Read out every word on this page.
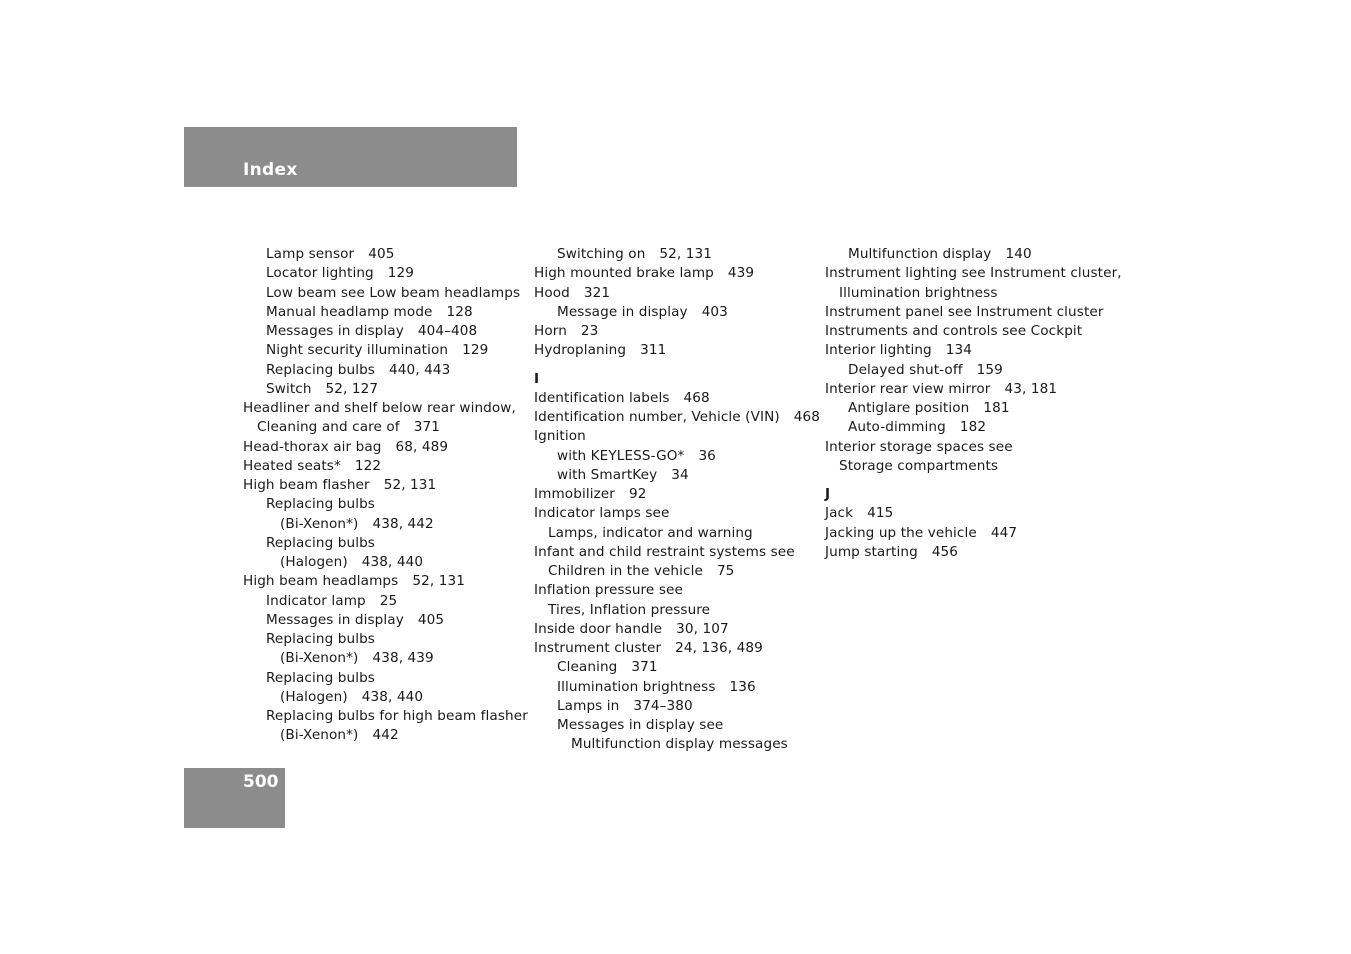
Index
Lamp sensor 405
Locator lighting 129
Low beam see Low beam headlamps
Manual headlamp mode 128
Messages in display 404–408
Night security illumination 129
Replacing bulbs 440, 443
Switch 52, 127
Headliner and shelf below rear window,
Cleaning and care of 371
Head-thorax air bag 68, 489
Heated seats* 122
High beam flasher 52, 131
Replacing bulbs
(Bi-Xenon*) 438, 442
Replacing bulbs
(Halogen) 438, 440
High beam headlamps 52, 131
Indicator lamp 25
Messages in display 405
Replacing bulbs
(Bi-Xenon*) 438, 439
Replacing bulbs
(Halogen) 438, 440
Replacing bulbs for high beam flasher
(Bi-Xenon*) 442
Switching on 52, 131
High mounted brake lamp 439
Hood 321
Message in display 403
Horn 23
Hydroplaning 311
I
Identification labels 468
Identification number, Vehicle (VIN) 468
Ignition
with KEYLESS-GO* 36
with SmartKey 34
Immobilizer 92
Indicator lamps see
Lamps, indicator and warning
Infant and child restraint systems see
Children in the vehicle 75
Inflation pressure see
Tires, Inflation pressure
Inside door handle 30, 107
Instrument cluster 24, 136, 489
Cleaning 371
Illumination brightness 136
Lamps in 374–380
Messages in display see
Multifunction display messages
Multifunction display 140
Instrument lighting see Instrument cluster,
Illumination brightness
Instrument panel see Instrument cluster
Instruments and controls see Cockpit
Interior lighting 134
Delayed shut-off 159
Interior rear view mirror 43, 181
Antiglare position 181
Auto-dimming 182
Interior storage spaces see
Storage compartments
J
Jack 415
Jacking up the vehicle 447
Jump starting 456
500
